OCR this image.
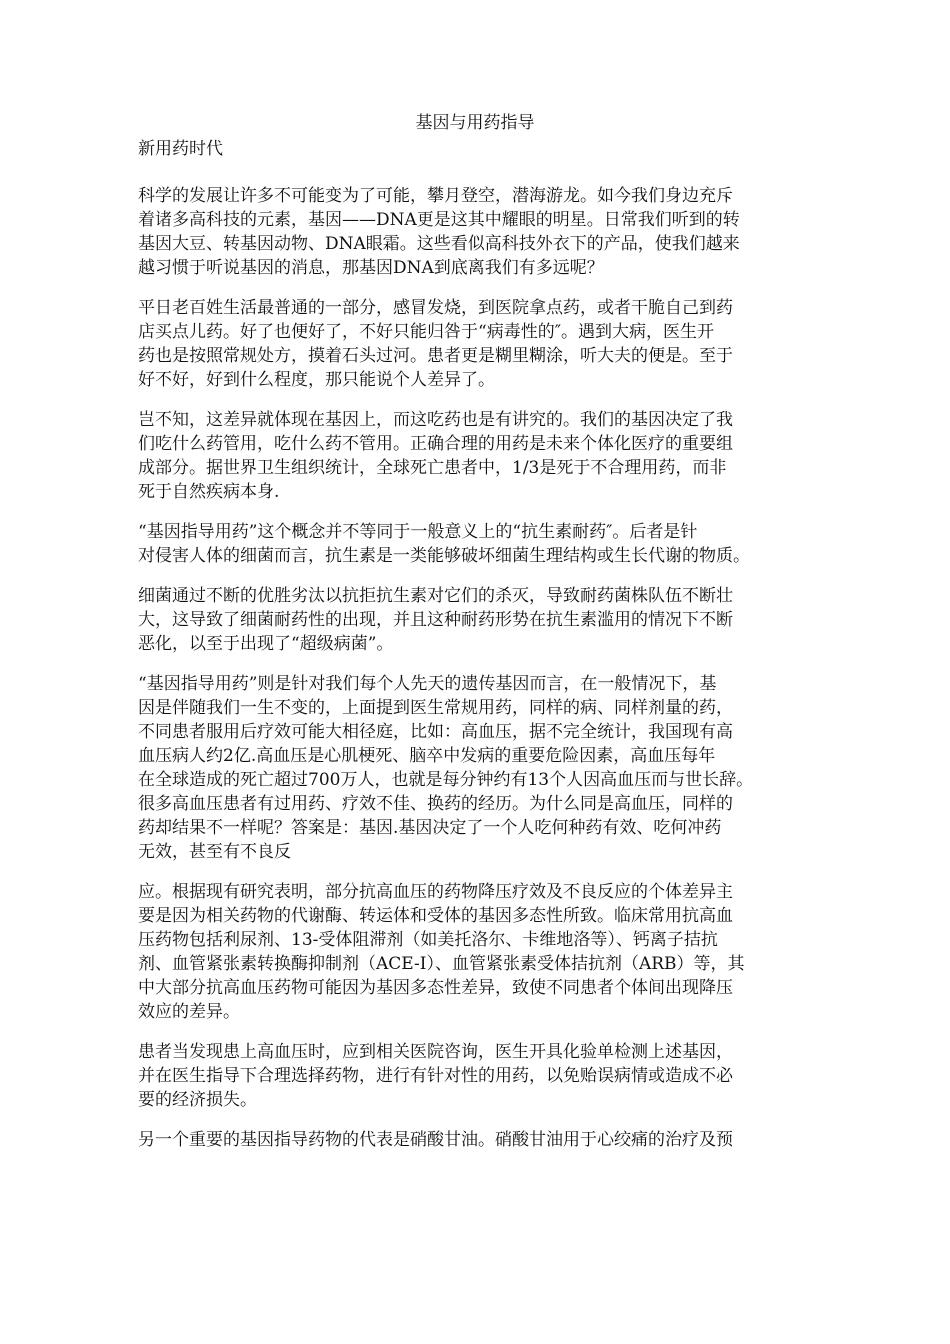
基因与用药指导

新用药时代

科学的发展让许多不可能变为了可能，攀月登空，潜海游龙。如今我们身边充斥
着诸多高科技的元素，基因——DNA更是这其中耀眼的明星。日常我们听到的转
基因大豆、转基因动物、DNA眼霜。这些看似高科技外衣下的产品，使我们越来
越习惯于听说基因的消息，那基因DNA到底离我们有多远呢？
平日老百姓生活最普通的一部分，感冒发烧，到医院拿点药，或者干脆自己到药
店买点儿药。好了也便好了，不好只能归咎于“病毒性的″。遇到大病，医生开
药也是按照常规处方，摸着石头过河。患者更是糊里糊涂，听大夫的便是。至于
好不好，好到什么程度，那只能说个人差异了。
岂不知，这差异就体现在基因上，而这吃药也是有讲究的。我们的基因决定了我
们吃什么药管用，吃什么药不管用。正确合理的用药是未来个体化医疗的重要组
成部分。据世界卫生组织统计，全球死亡患者中，1/3是死于不合理用药，而非
死于自然疾病本身.
“基因指导用药”这个概念并不等同于一般意义上的“抗生素耐药″。后者是针
对侵害人体的细菌而言，抗生素是一类能够破坏细菌生理结构或生长代谢的物质。
细菌通过不断的优胜劣汰以抗拒抗生素对它们的杀灭，导致耐药菌株队伍不断壮
大，这导致了细菌耐药性的出现，并且这种耐药形势在抗生素滥用的情况下不断
恶化，以至于出现了“超级病菌”。
“基因指导用药”则是针对我们每个人先天的遗传基因而言，在一般情况下，基
因是伴随我们一生不变的，上面提到医生常规用药，同样的病、同样剂量的药，
不同患者服用后疗效可能大相径庭，比如：高血压，据不完全统计，我国现有高
血压病人约2亿.高血压是心肌梗死、脑卒中发病的重要危险因素，高血压每年
在全球造成的死亡超过700万人，也就是每分钟约有13个人因高血压而与世长辞。
很多高血压患者有过用药、疗效不佳、换药的经历。为什么同是高血压，同样的
药却结果不一样呢？答案是：基因.基因决定了一个人吃何种药有效、吃何冲药
无效，甚至有不良反
应。根据现有研究表明，部分抗高血压的药物降压疗效及不良反应的个体差异主
要是因为相关药物的代谢酶、转运体和受体的基因多态性所致。临床常用抗高血
压药物包括利尿剂、13-受体阻滞剂（如美托洛尔、卡维地洛等）、钙离子拮抗
剂、血管紧张素转换酶抑制剂（ACE-I）、血管紧张素受体拮抗剂（ARB）等，其
中大部分抗高血压药物可能因为基因多态性差异，致使不同患者个体间出现降压
效应的差异。
患者当发现患上高血压时，应到相关医院咨询，医生开具化验单检测上述基因，
并在医生指导下合理选择药物，进行有针对性的用药，以免贻误病情或造成不必
要的经济损失。
另一个重要的基因指导药物的代表是硝酸甘油。硝酸甘油用于心绞痛的治疗及预
